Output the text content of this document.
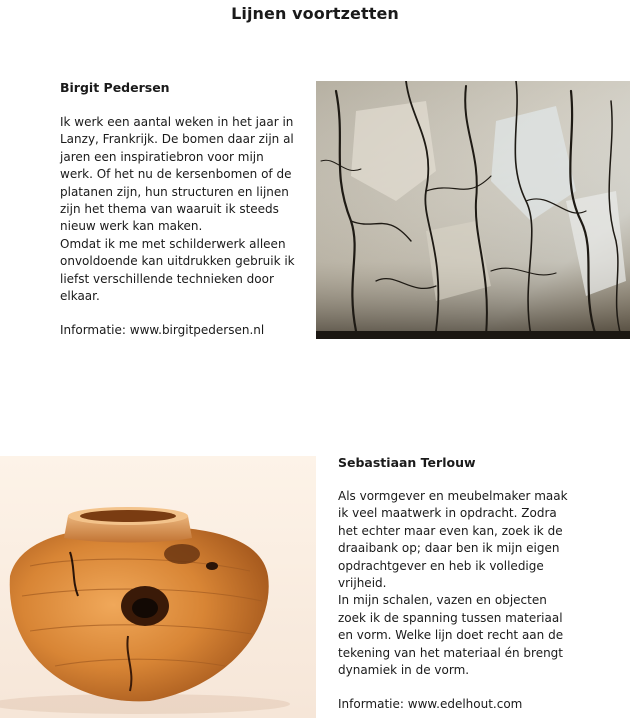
Lijnen voortzetten
Birgit Pedersen

Ik werk een aantal weken in het jaar in

Lanzy, Frankrijk. De bomen daar zijn al

jaren een inspiratiebron voor mijn

werk. Of het nu de kersenbomen of de

platanen zijn, hun structuren en lijnen

zijn het thema van waaruit ik steeds

nieuw werk kan maken.

Omdat ik me met schilderwerk alleen

onvoldoende kan uitdrukken gebruik ik

liefst verschillende technieken door

elkaar.

Informatie: www.birgitpedersen.nl

Sebastiaan Terlouw

Als vormgever en meubelmaker maak

ik veel maatwerk in opdracht. Zodra

het echter maar even kan, zoek ik de

draaibank op; daar ben ik mijn eigen

opdrachtgever en heb ik volledige

vrijheid.

In mijn schalen, vazen en objecten

zoek ik de spanning tussen materiaal

en vorm. Welke lijn doet recht aan de

tekening van het materiaal én brengt

dynamiek in de vorm.

Informatie: www.edelhout.com
